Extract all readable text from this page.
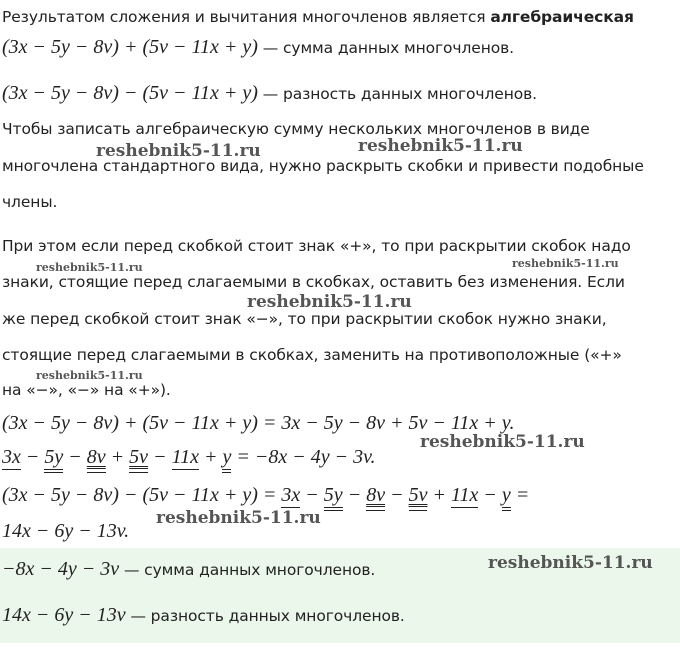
Результатом сложения и вычитания многочленов является алгебраическая
(3x − 5y − 8v) + (5v − 11x + y) — сумма данных многочленов.
(3x − 5y − 8v) − (5v − 11x + y) — разность данных многочленов.
Чтобы записать алгебраическую сумму нескольких многочленов в виде
многочлена стандартного вида, нужно раскрыть скобки и привести подобные
члены.
При этом если перед скобкой стоит знак «+», то при раскрытии скобок надо
знаки, стоящие перед слагаемыми в скобках, оставить без изменения. Если
же перед скобкой стоит знак «−», то при раскрытии скобок нужно знаки,
стоящие перед слагаемыми в скобках, заменить на противоположные («+»
на «−», «−» на «+»).
(3x − 5y − 8v) + (5v − 11x + y) = 3x − 5y − 8v + 5v − 11x + y.
3x − 5y − 8v + 5v − 11x + y = −8x − 4y − 3v.
(3x − 5y − 8v) − (5v − 11x + y) = 3x − 5y − 8v − 5v + 11x − y =
14x − 6y − 13v.
−8x − 4y − 3v — сумма данных многочленов.
14x − 6y − 13v — разность данных многочленов.
reshebnik5-11.ru	reshebnik5-11.ru
reshebnik5-11.ru	reshebnik5-11.ru
reshebnik5-11.ru
reshebnik5-11.ru
reshebnik5-11.ru
reshebnik5-11.ru
reshebnik5-11.ru
